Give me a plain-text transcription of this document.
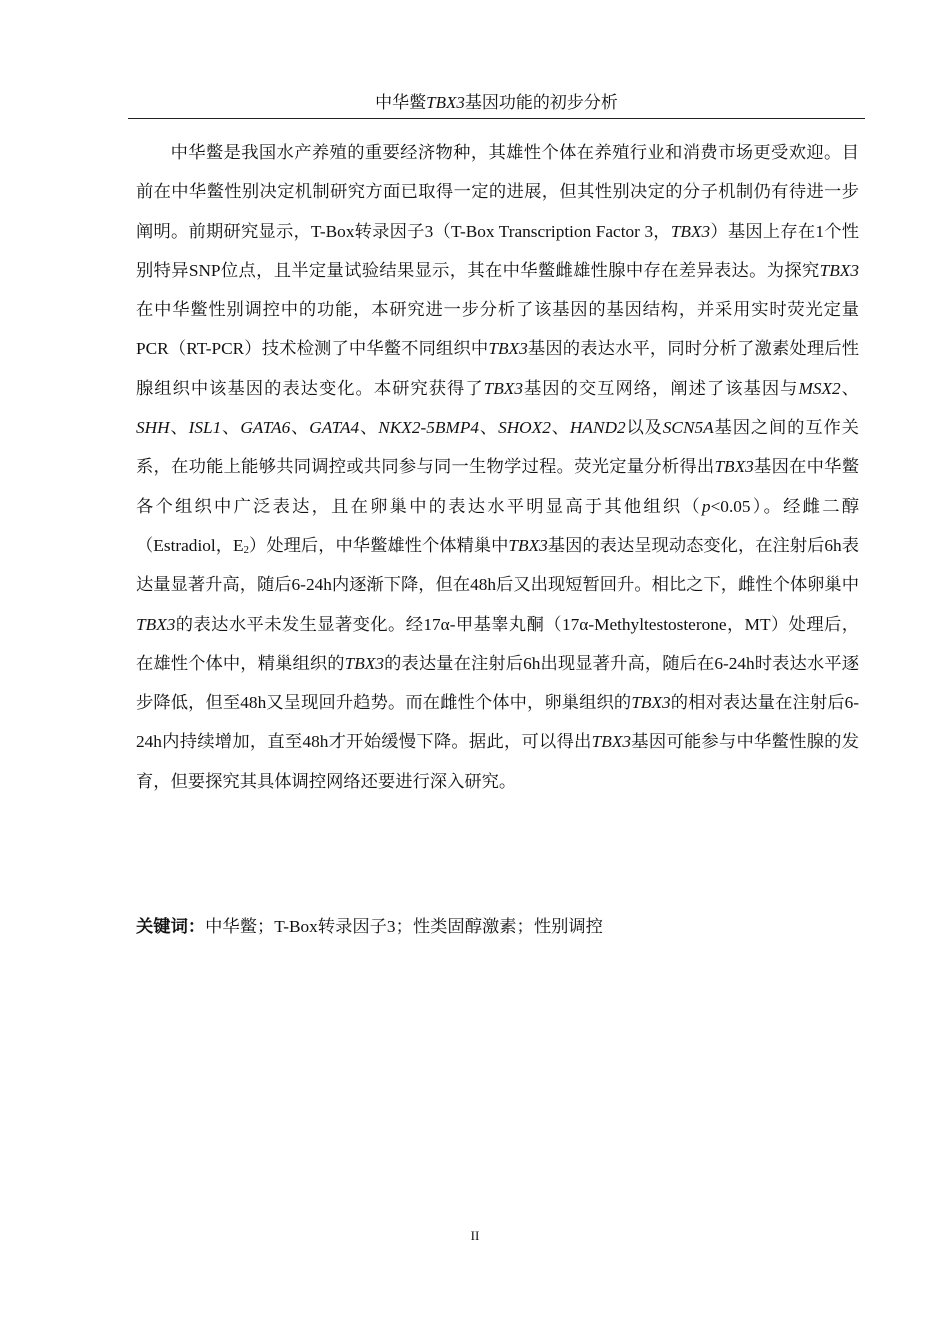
中华鳖TBX3基因功能的初步分析

中华鳖是我国水产养殖的重要经济物种，其雄性个体在养殖行业和消费市场更受欢迎。目前在中华鳖性别决定机制研究方面已取得一定的进展，但其性别决定的分子机制仍有待进一步阐明。前期研究显示，T-Box转录因子3（T-Box Transcription Factor 3，TBX3）基因上存在1个性别特异SNP位点，且半定量试验结果显示，其在中华鳖雌雄性腺中存在差异表达。为探究TBX3在中华鳖性别调控中的功能，本研究进一步分析了该基因的基因结构，并采用实时荧光定量PCR（RT-PCR）技术检测了中华鳖不同组织中TBX3基因的表达水平，同时分析了激素处理后性腺组织中该基因的表达变化。本研究获得了TBX3基因的交互网络，阐述了该基因与MSX2、SHH、ISL1、GATA6、GATA4、NKX2-5BMP4、SHOX2、HAND2以及SCN5A基因之间的互作关系，在功能上能够共同调控或共同参与同一生物学过程。荧光定量分析得出TBX3基因在中华鳖各个组织中广泛表达，且在卵巢中的表达水平明显高于其他组织（p<0.05）。经雌二醇（Estradiol，$E_2$）处理后，中华鳖雄性个体精巢中TBX3基因的表达呈现动态变化，在注射后6h表达量显著升高，随后6-24h内逐渐下降，但在48h后又出现短暂回升。相比之下，雌性个体卵巢中TBX3的表达水平未发生显著变化。经17α-甲基睾丸酮（17α-Methyltestosterone，MT）处理后，在雄性个体中，精巢组织的TBX3的表达量在注射后6h出现显著升高，随后在6-24h时表达水平逐步降低，但至48h又呈现回升趋势。而在雌性个体中，卵巢组织的TBX3的相对表达量在注射后6-24h内持续增加，直至48h才开始缓慢下降。据此，可以得出TBX3基因可能参与中华鳖性腺的发育，但要探究其具体调控网络还要进行深入研究。

关键词：中华鳖；T-Box转录因子3；性类固醇激素；性别调控

II
